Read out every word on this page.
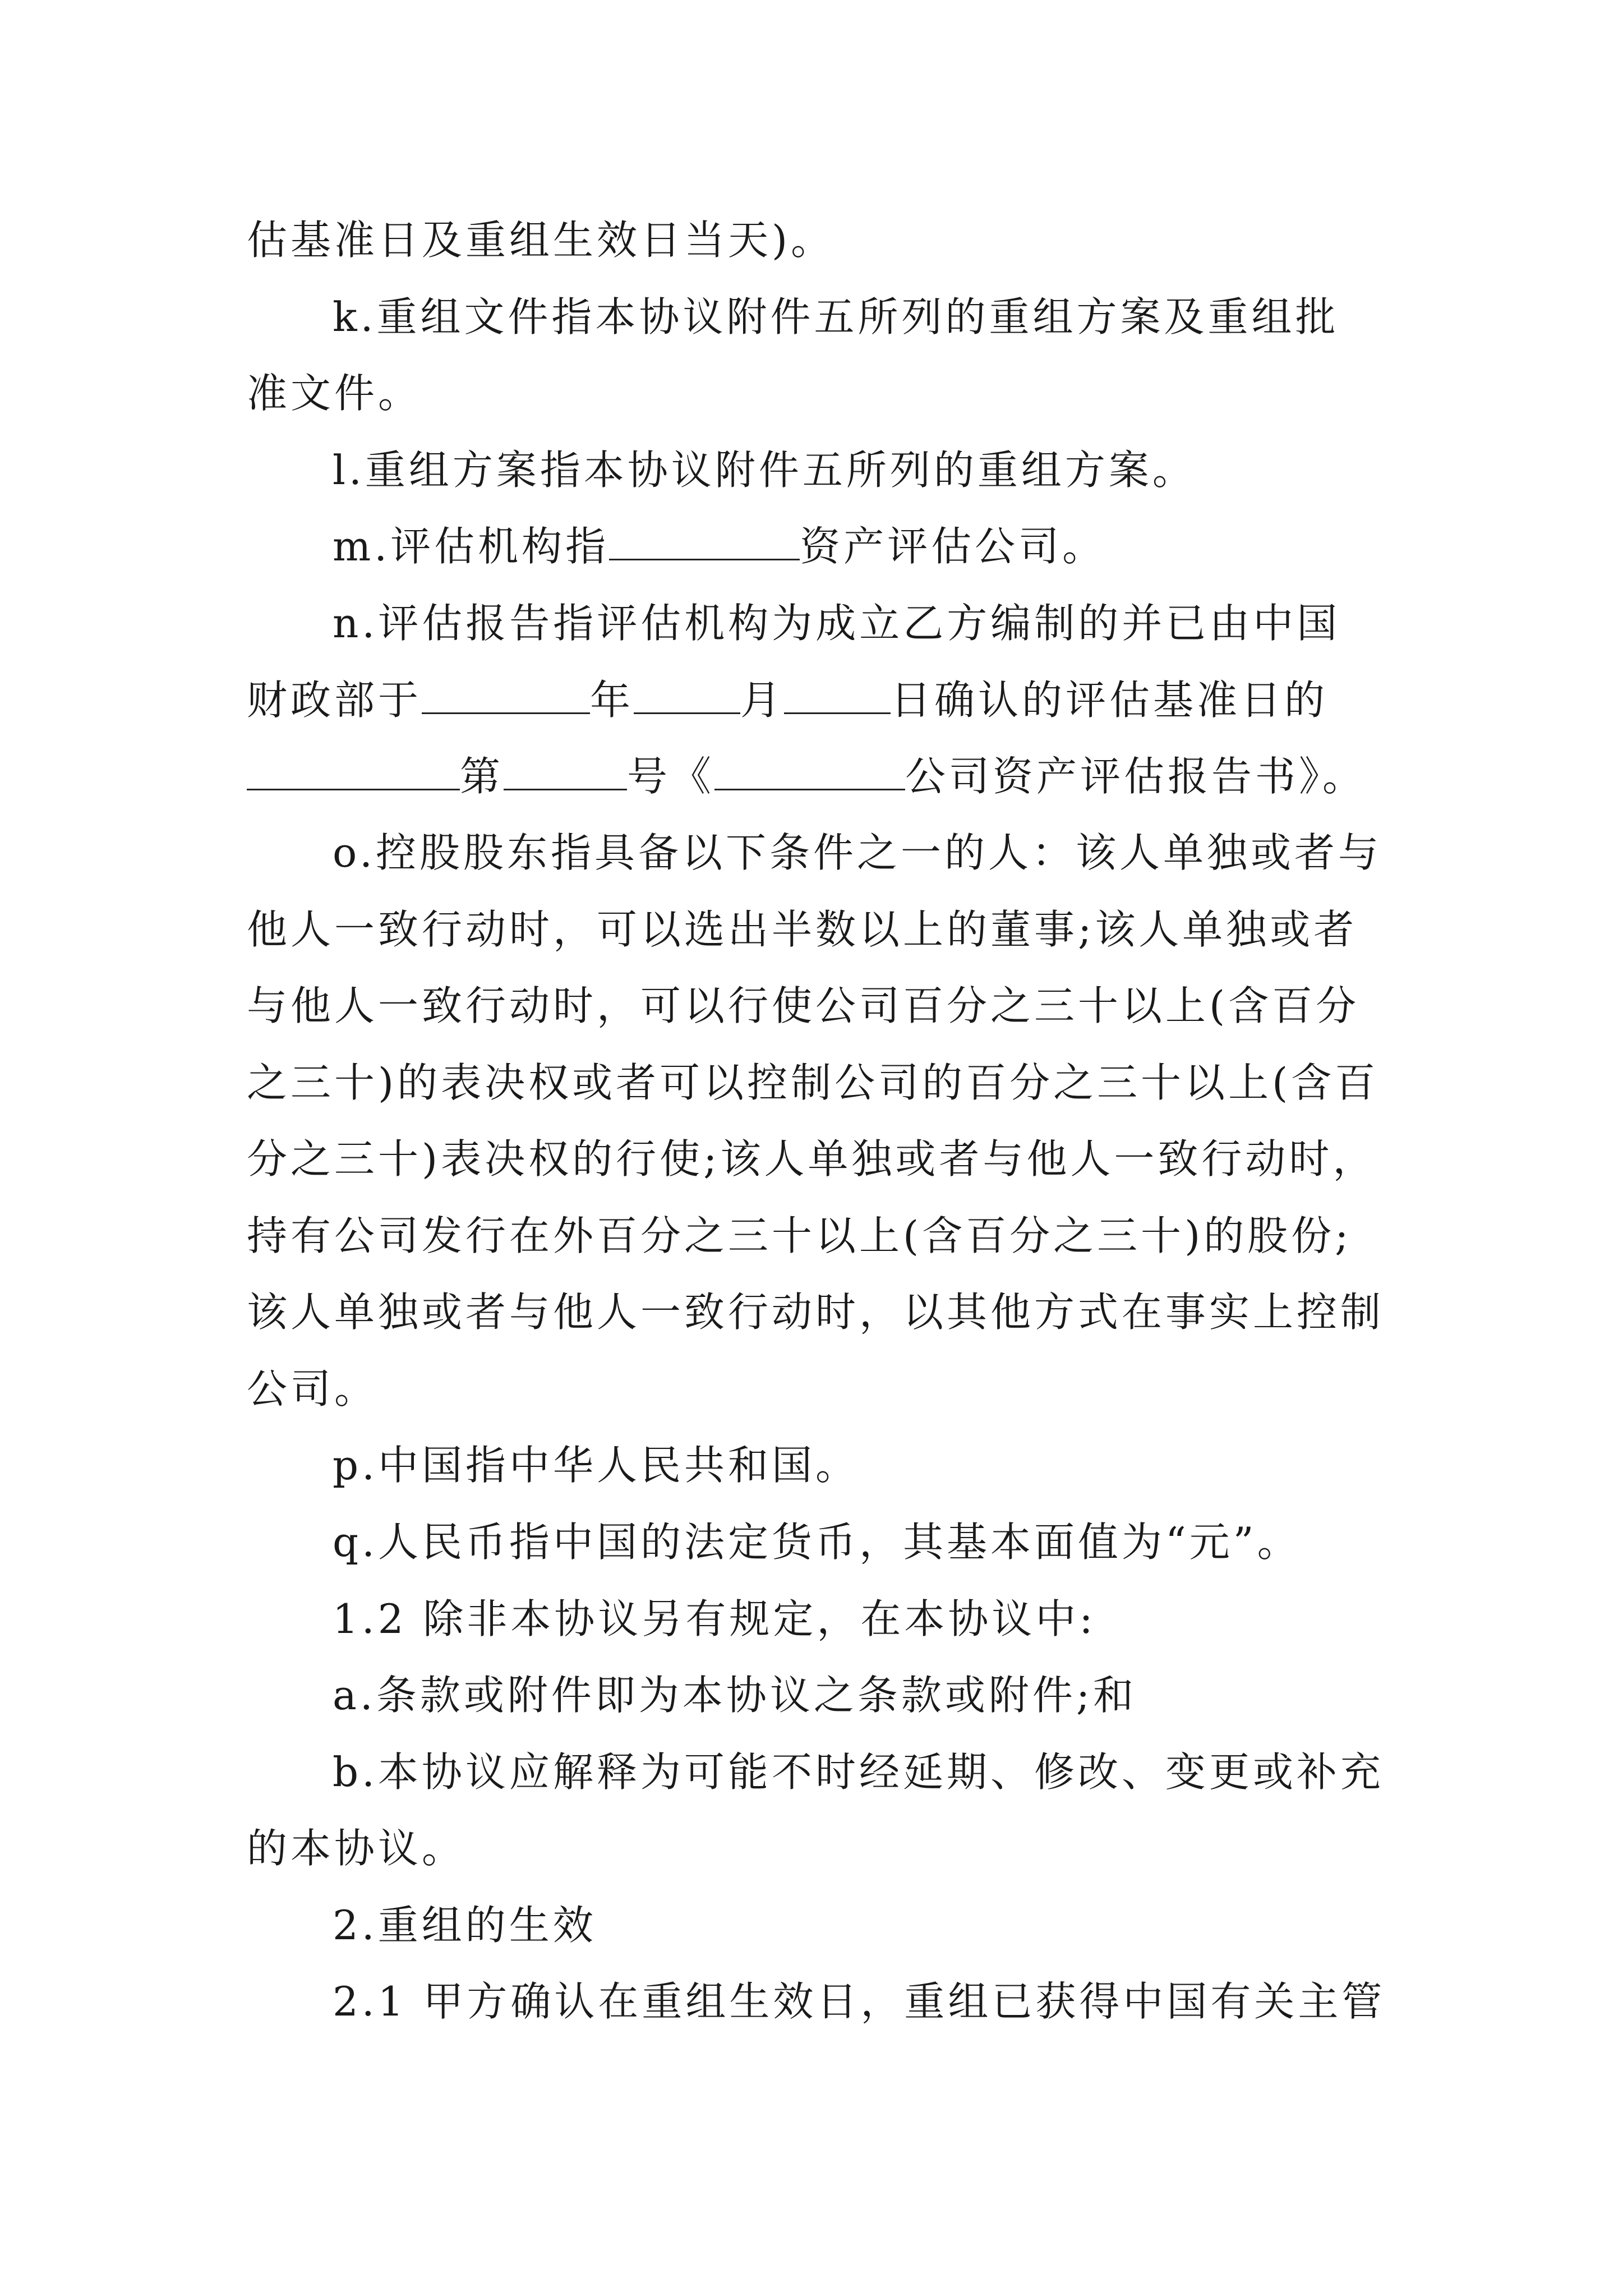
估基准日及重组生效日当天)。
k.重组文件指本协议附件五所列的重组方案及重组批
准文件。
l.重组方案指本协议附件五所列的重组方案。
m.评估机构指	资产评估公司。
n.评估报告指评估机构为成立乙方编制的并已由中国
财政部于	年	月	日确认的评估基准日的
第	号《	公司资产评估报告书》。
o.控股股东指具备以下条件之一的人：该人单独或者与
他人一致行动时，可以选出半数以上的董事;该人单独或者
与他人一致行动时，可以行使公司百分之三十以上(含百分
之三十)的表决权或者可以控制公司的百分之三十以上(含百
分之三十)表决权的行使;该人单独或者与他人一致行动时，
持有公司发行在外百分之三十以上(含百分之三十)的股份;
该人单独或者与他人一致行动时，以其他方式在事实上控制
公司。
p.中国指中华人民共和国。
q.人民币指中国的法定货币，其基本面值为“元”。
1.2 除非本协议另有规定，在本协议中:
a.条款或附件即为本协议之条款或附件;和
b.本协议应解释为可能不时经延期、修改、变更或补充
的本协议。
2.重组的生效
2.1 甲方确认在重组生效日，重组已获得中国有关主管
